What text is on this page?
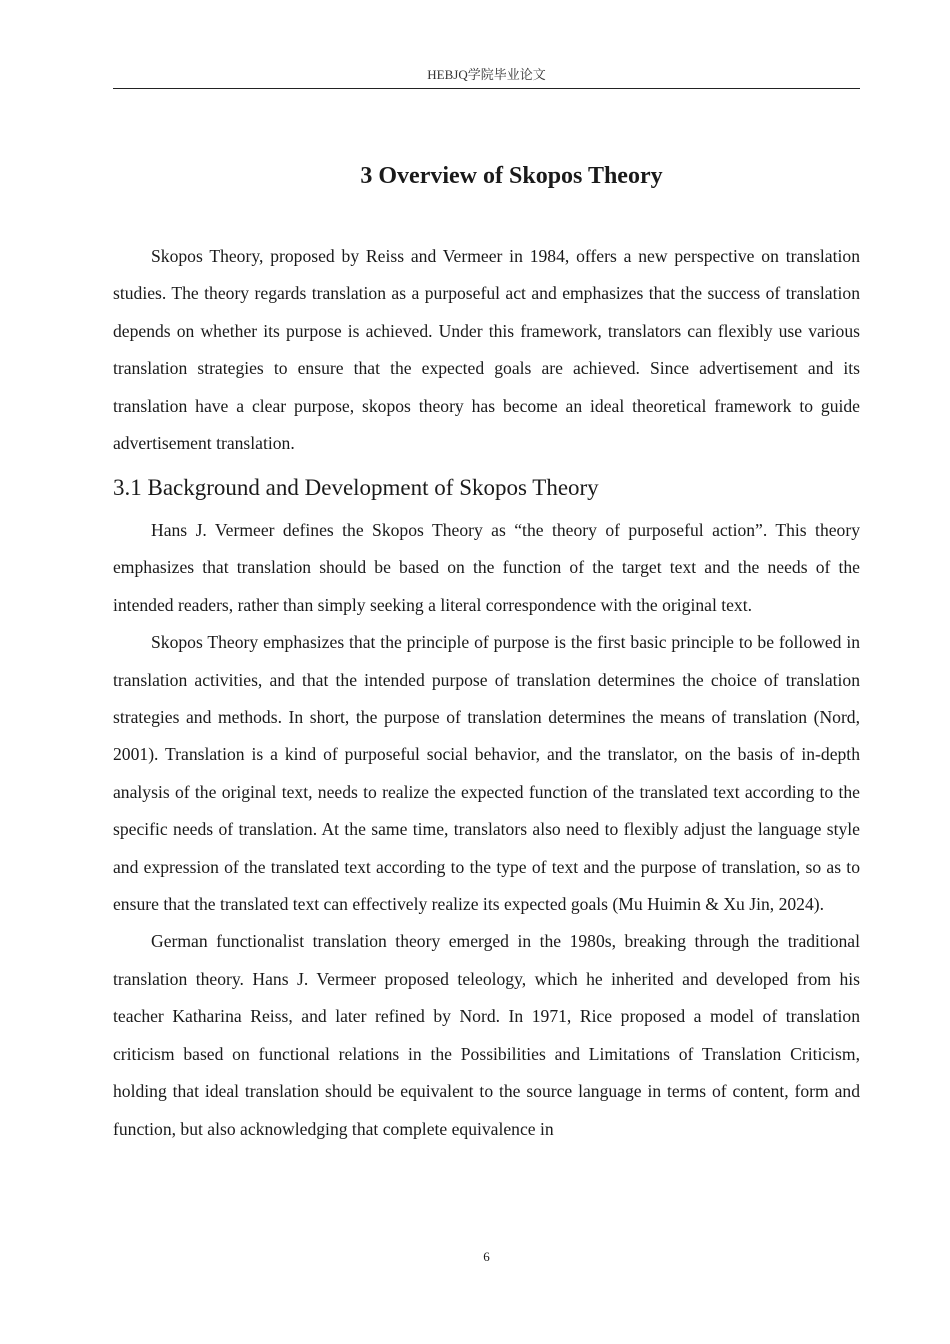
HEBJQ学院毕业论文
3 Overview of Skopos Theory

Skopos Theory, proposed by Reiss and Vermeer in 1984, offers a new perspective on translation studies. The theory regards translation as a purposeful act and emphasizes that the success of translation depends on whether its purpose is achieved. Under this framework, translators can flexibly use various translation strategies to ensure that the expected goals are achieved. Since advertisement and its translation have a clear purpose, skopos theory has become an ideal theoretical framework to guide advertisement translation.

3.1 Background and Development of Skopos Theory

Hans J. Vermeer defines the Skopos Theory as “the theory of purposeful action”. This theory emphasizes that translation should be based on the function of the target text and the needs of the intended readers, rather than simply seeking a literal correspondence with the original text.

Skopos Theory emphasizes that the principle of purpose is the first basic principle to be followed in translation activities, and that the intended purpose of translation determines the choice of translation strategies and methods. In short, the purpose of translation determines the means of translation (Nord, 2001). Translation is a kind of purposeful social behavior, and the translator, on the basis of in-depth analysis of the original text, needs to realize the expected function of the translated text according to the specific needs of translation. At the same time, translators also need to flexibly adjust the language style and expression of the translated text according to the type of text and the purpose of translation, so as to ensure that the translated text can effectively realize its expected goals (Mu Huimin & Xu Jin, 2024).

German functionalist translation theory emerged in the 1980s, breaking through the traditional translation theory. Hans J. Vermeer proposed teleology, which he inherited and developed from his teacher Katharina Reiss, and later refined by Nord. In 1971, Rice proposed a model of translation criticism based on functional relations in the Possibilities and Limitations of Translation Criticism, holding that ideal translation should be equivalent to the source language in terms of content, form and function, but also acknowledging that complete equivalence in

6
